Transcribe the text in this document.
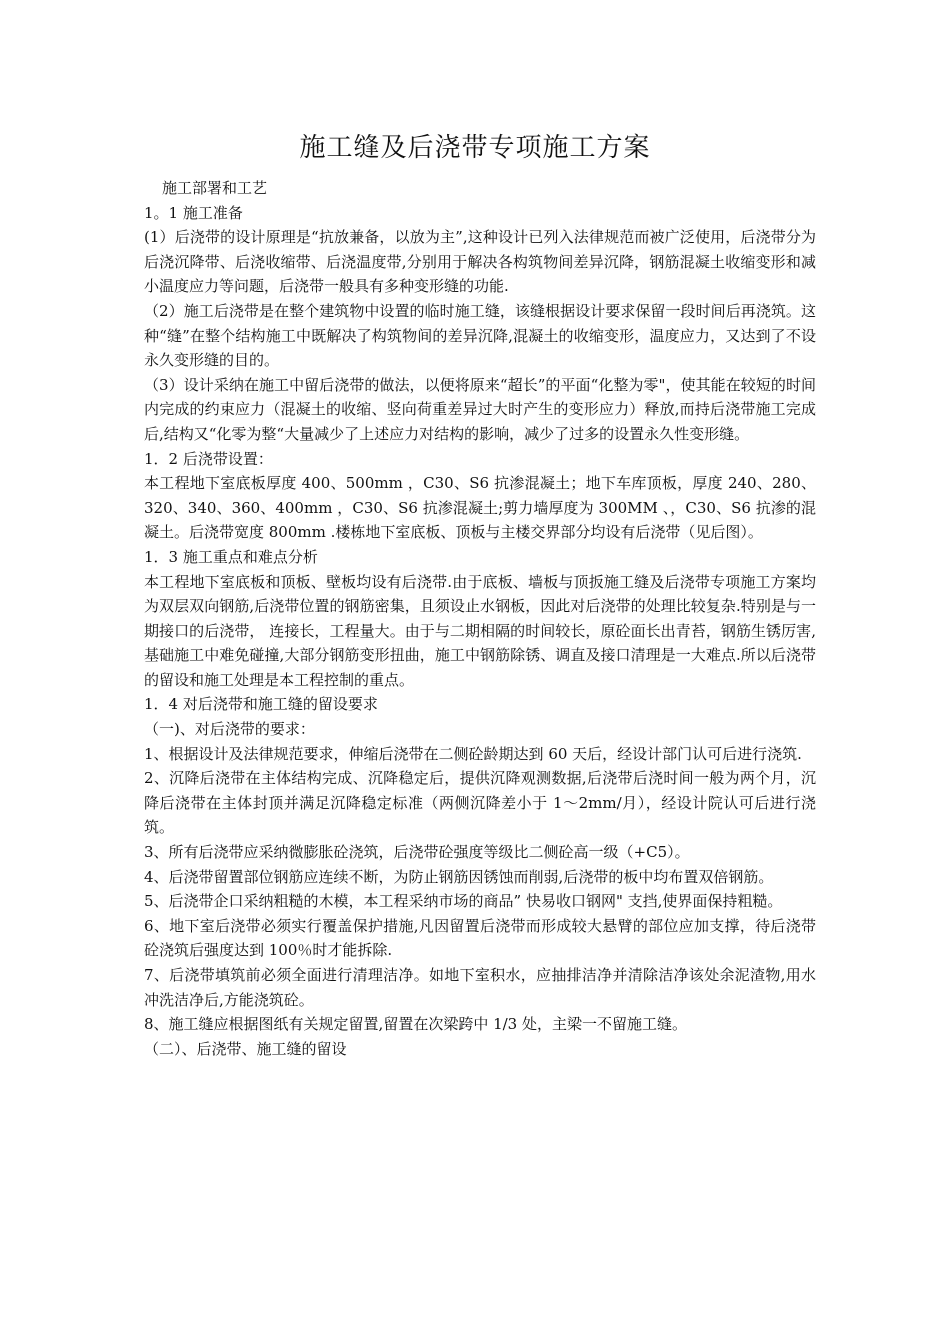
施工缝及后浇带专项施工方案

施工部署和工艺

1。1 施工准备

(1）后浇带的设计原理是“抗放兼备，以放为主”,这种设计已列入法律规范而被广泛使用，后浇带分为后浇沉降带、后浇收缩带、后浇温度带,分别用于解决各构筑物间差异沉降，钢筋混凝土收缩变形和减小温度应力等问题，后浇带一般具有多种变形缝的功能.

（2）施工后浇带是在整个建筑物中设置的临时施工缝，该缝根据设计要求保留一段时间后再浇筑。这种“缝”在整个结构施工中既解决了构筑物间的差异沉降,混凝土的收缩变形，温度应力，又达到了不设永久变形缝的目的。

（3）设计采纳在施工中留后浇带的做法，以便将原来“超长”的平面“化整为零"，使其能在较短的时间内完成的约束应力（混凝土的收缩、竖向荷重差异过大时产生的变形应力）释放,而持后浇带施工完成后,结构又“化零为整“大量减少了上述应力对结构的影响，减少了过多的设置永久性变形缝。

1．2 后浇带设置：

本工程地下室底板厚度 400、500mm ，C30、S6 抗渗混凝土；地下车库顶板，厚度 240、280、320、340、360、400mm ，C30、S6 抗渗混凝土;剪力墙厚度为 300MM 、，C30、S6 抗渗的混凝土。后浇带宽度 800mm .楼栋地下室底板、顶板与主楼交界部分均设有后浇带（见后图）。

1．3 施工重点和难点分析

本工程地下室底板和顶板、壁板均设有后浇带.由于底板、墙板与顶扳施工缝及后浇带专项施工方案均为双层双向钢筋,后浇带位置的钢筋密集，且须设止水钢板，因此对后浇带的处理比较复杂.特别是与一期接口的后浇带， 连接长，工程量大。由于与二期相隔的时间较长，原砼面长出青苔，钢筋生锈厉害,基础施工中难免碰撞,大部分钢筋变形扭曲，施工中钢筋除锈、调直及接口清理是一大难点.所以后浇带的留设和施工处理是本工程控制的重点。

1．4 对后浇带和施工缝的留设要求

（一)、对后浇带的要求：

1、根据设计及法律规范要求，伸缩后浇带在二侧砼龄期达到 60 天后，经设计部门认可后进行浇筑.

2、沉降后浇带在主体结构完成、沉降稳定后，提供沉降观测数据,后浇带后浇时间一般为两个月，沉降后浇带在主体封顶并满足沉降稳定标准（两侧沉降差小于 1～2mm/月），经设计院认可后进行浇筑。

3、所有后浇带应采纳微膨胀砼浇筑，后浇带砼强度等级比二侧砼高一级（+C5）。

4、后浇带留置部位钢筋应连续不断，为防止钢筋因锈蚀而削弱,后浇带的板中均布置双倍钢筋。

5、后浇带企口采纳粗糙的木模，本工程采纳市场的商品” 快易收口钢网" 支挡,使界面保持粗糙。

6、地下室后浇带必须实行覆盖保护措施,凡因留置后浇带而形成较大悬臂的部位应加支撑，待后浇带砼浇筑后强度达到 100％时才能拆除.

7、后浇带填筑前必须全面进行清理洁净。如地下室积水，应抽排洁净并清除洁净该处余泥渣物,用水冲洗洁净后,方能浇筑砼。

8、施工缝应根据图纸有关规定留置,留置在次梁跨中 1/3 处，主梁一不留施工缝。

（二）、后浇带、施工缝的留设
